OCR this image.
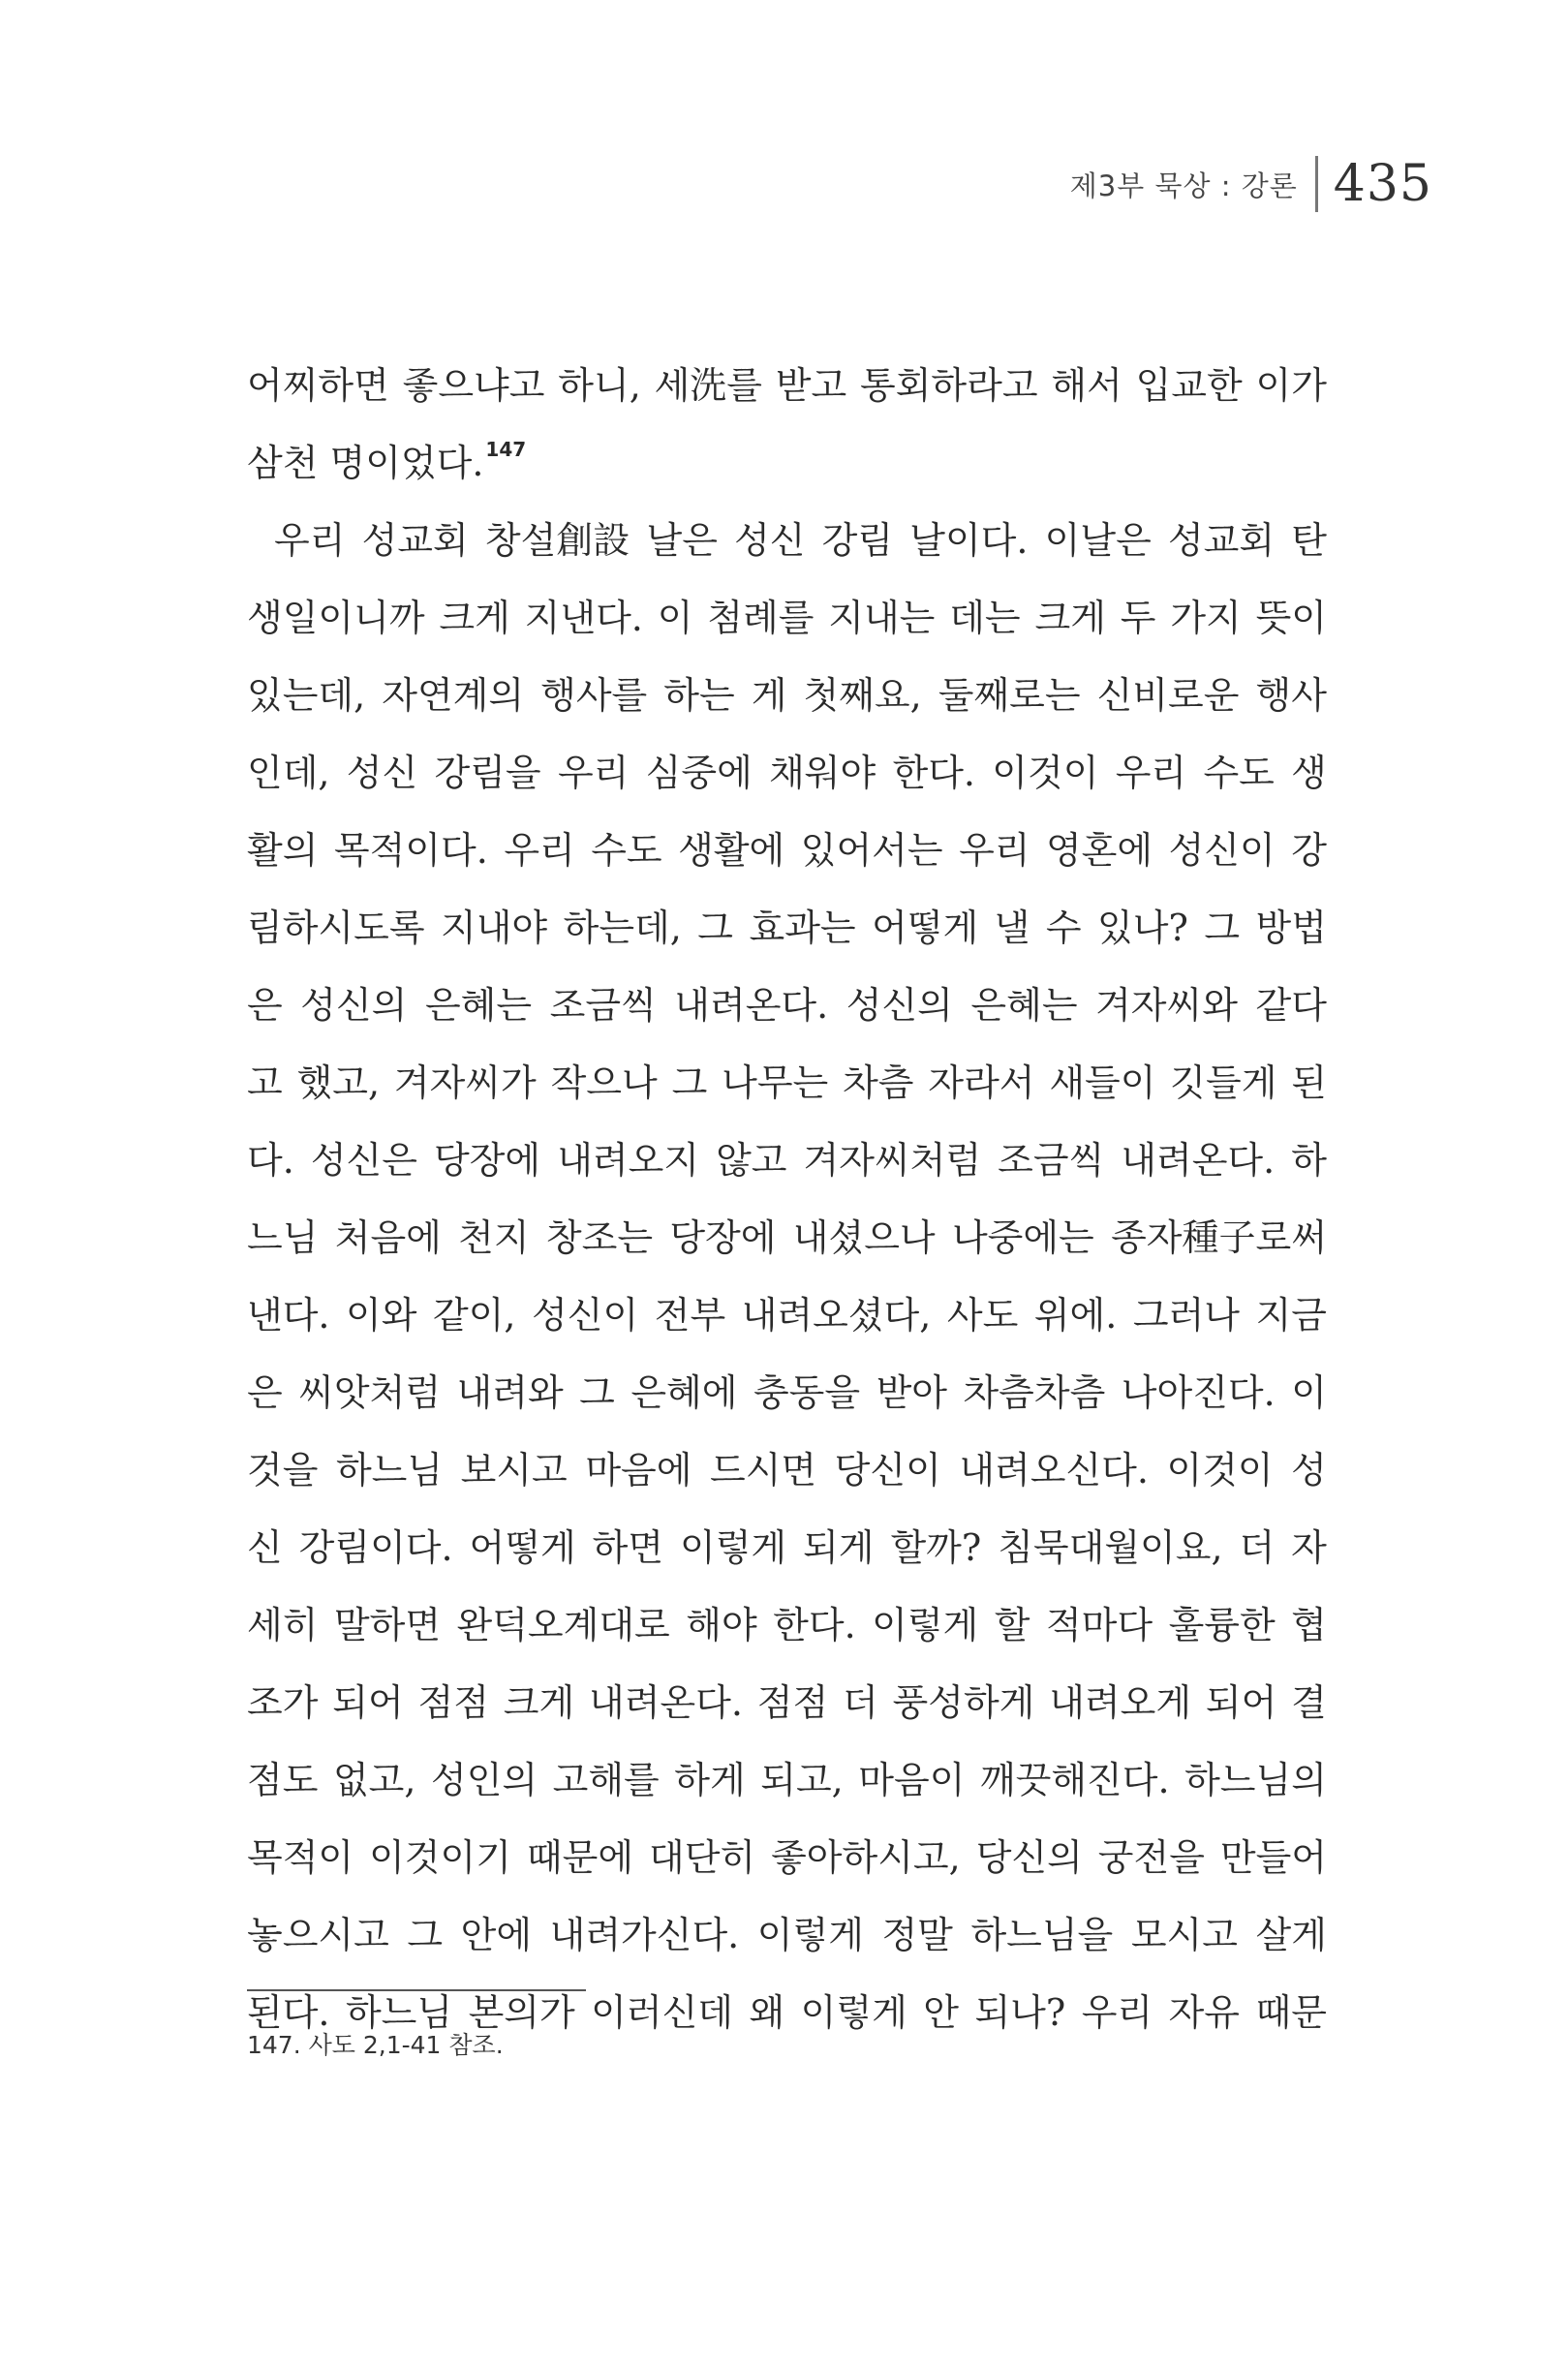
제3부 묵상 : 강론 435
어찌하면 좋으냐고 하니, 세洗를 받고 통회하라고 해서 입교한 이가
삼천 명이었다. 147
우리 성교회 창설創設 날은 성신 강림 날이다. 이날은 성교회 탄
생일이니까 크게 지낸다. 이 첨례를 지내는 데는 크게 두 가지 뜻이
있는데, 자연계의 행사를 하는 게 첫째요, 둘째로는 신비로운 행사
인데, 성신 강림을 우리 심중에 채워야 한다. 이것이 우리 수도 생
활의 목적이다. 우리 수도 생활에 있어서는 우리 영혼에 성신이 강
림하시도록 지내야 하는데, 그 효과는 어떻게 낼 수 있나? 그 방법
은 성신의 은혜는 조금씩 내려온다. 성신의 은혜는 겨자씨와 같다
고 했고, 겨자씨가 작으나 그 나무는 차츰 자라서 새들이 깃들게 된
다. 성신은 당장에 내려오지 않고 겨자씨처럼 조금씩 내려온다. 하
느님 처음에 천지 창조는 당장에 내셨으나 나중에는 종자種子로써
낸다. 이와 같이, 성신이 전부 내려오셨다, 사도 위에. 그러나 지금
은 씨앗처럼 내려와 그 은혜에 충동을 받아 차츰차츰 나아진다. 이
것을 하느님 보시고 마음에 드시면 당신이 내려오신다. 이것이 성
신 강림이다. 어떻게 하면 이렇게 되게 할까? 침묵대월이요, 더 자
세히 말하면 완덕오계대로 해야 한다. 이렇게 할 적마다 훌륭한 협
조가 되어 점점 크게 내려온다. 점점 더 풍성하게 내려오게 되어 결
점도 없고, 성인의 고해를 하게 되고, 마음이 깨끗해진다. 하느님의
목적이 이것이기 때문에 대단히 좋아하시고, 당신의 궁전을 만들어
놓으시고 그 안에 내려가신다. 이렇게 정말 하느님을 모시고 살게
된다. 하느님 본의가 이러신데 왜 이렇게 안 되나? 우리 자유 때문
147. 사도 2,1-41 참조.
